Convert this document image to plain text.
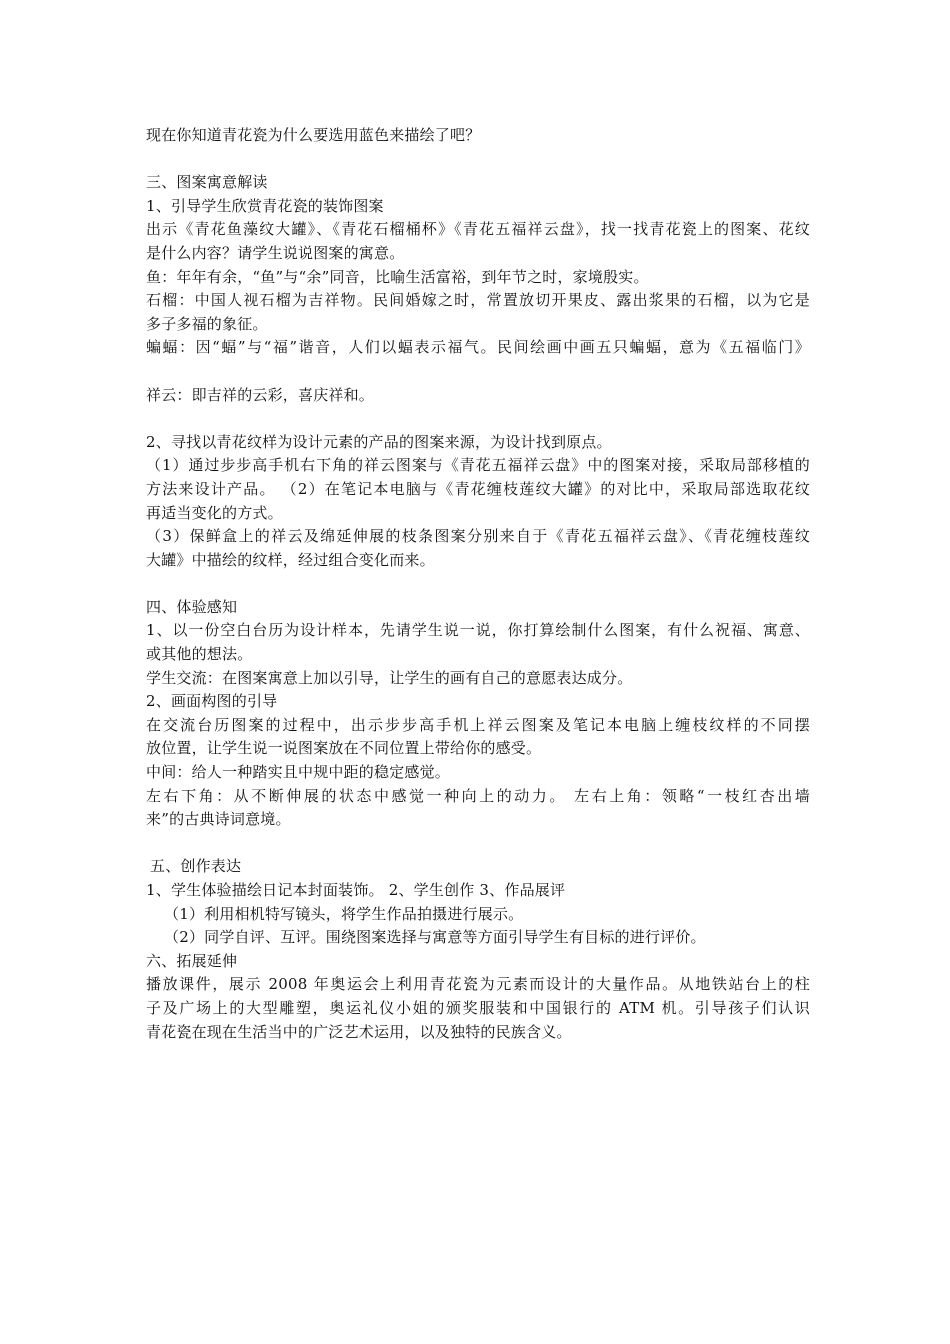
现在你知道青花瓷为什么要选用蓝色来描绘了吧？
三、图案寓意解读
1、引导学生欣赏青花瓷的装饰图案
出示《青花鱼藻纹大罐》、《青花石榴桶杯》《青花五福祥云盘》，找一找青花瓷上的图案、花纹
是什么内容？请学生说说图案的寓意。
鱼：年年有余，“鱼”与“余”同音，比喻生活富裕，到年节之时，家境殷实。
石榴：中国人视石榴为吉祥物。民间婚嫁之时，常置放切开果皮、露出浆果的石榴，以为它是
多子多福的象征。
蝙蝠：因“蝠”与“福”谐音，人们以蝠表示福气。民间绘画中画五只蝙蝠，意为《五福临门》
祥云：即吉祥的云彩，喜庆祥和。
2、寻找以青花纹样为设计元素的产品的图案来源，为设计找到原点。
（1）通过步步高手机右下角的祥云图案与《青花五福祥云盘》中的图案对接，采取局部移植的
方法来设计产品。 （2）在笔记本电脑与《青花缠枝莲纹大罐》的对比中，采取局部选取花纹
再适当变化的方式。
（3）保鲜盒上的祥云及绵延伸展的枝条图案分别来自于《青花五福祥云盘》、《青花缠枝莲纹
大罐》中描绘的纹样，经过组合变化而来。
四、体验感知
1、以一份空白台历为设计样本，先请学生说一说，你打算绘制什么图案，有什么祝福、寓意、
或其他的想法。
学生交流：在图案寓意上加以引导，让学生的画有自己的意愿表达成分。
2、画面构图的引导
在交流台历图案的过程中，出示步步高手机上祥云图案及笔记本电脑上缠枝纹样的不同摆
放位置，让学生说一说图案放在不同位置上带给你的感受。
中间：给人一种踏实且中规中距的稳定感觉。
左右下角：从不断伸展的状态中感觉一种向上的动力。 左右上角：领略“一枝红杏出墙
来”的古典诗词意境。
五、创作表达
1、学生体验描绘日记本封面装饰。 2、学生创作 3、作品展评
（1）利用相机特写镜头，将学生作品拍摄进行展示。
（2）同学自评、互评。围绕图案选择与寓意等方面引导学生有目标的进行评价。
六、拓展延伸
播放课件，展示 2008 年奥运会上利用青花瓷为元素而设计的大量作品。从地铁站台上的柱
子及广场上的大型雕塑，奥运礼仪小姐的颁奖服装和中国银行的 ATM 机。引导孩子们认识
青花瓷在现在生活当中的广泛艺术运用，以及独特的民族含义。
